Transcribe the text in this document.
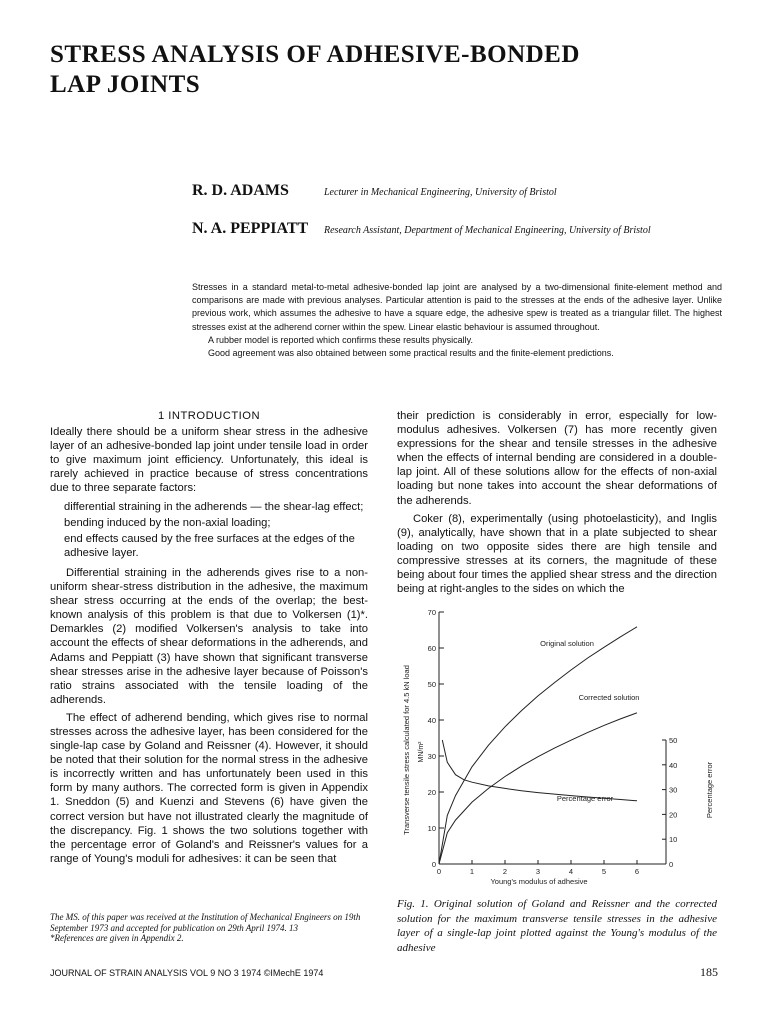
STRESS ANALYSIS OF ADHESIVE-BONDED
LAP JOINTS
R. D. ADAMS	Lecturer in Mechanical Engineering, University of Bristol
N. A. PEPPIATT Research Assistant, Department of Mechanical Engineering, University of Bristol

Stresses in a standard metal-to-metal adhesive-bonded lap joint are analysed by a two-dimensional finite-element method and comparisons are made with previous analyses. Particular attention is paid to the stresses at the ends of the adhesive layer. Unlike previous work, which assumes the adhesive to have a square edge, the adhesive spew is treated as a triangular fillet. The highest stresses exist at the adherend corner within the spew. Linear elastic behaviour is assumed throughout.

A rubber model is reported which confirms these results physically.

Good agreement was also obtained between some practical results and the finite-element predictions.

1 INTRODUCTION

Ideally there should be a uniform shear stress in the adhesive layer of an adhesive-bonded lap joint under tensile load in order to give maximum joint efficiency. Unfortunately, this ideal is rarely achieved in practice because of stress concentrations due to three separate factors:

differential straining in the adherends — the shear-lag effect;
bending induced by the non-axial loading;
end effects caused by the free surfaces at the edges of the adhesive layer.

Differential straining in the adherends gives rise to a non-uniform shear-stress distribution in the adhesive, the maximum shear stress occurring at the ends of the overlap; the best-known analysis of this problem is that due to Volkersen (1)*. Demarkles (2) modified Volkersen's analysis to take into account the effects of shear deformations in the adherends, and Adams and Peppiatt (3) have shown that significant transverse shear stresses arise in the adhesive layer because of Poisson's ratio strains associated with the tensile loading of the adherends.

The effect of adherend bending, which gives rise to normal stresses across the adhesive layer, has been considered for the single-lap case by Goland and Reissner (4). However, it should be noted that their solution for the normal stress in the adhesive is incorrectly written and has unfortunately been used in this form by many authors. The corrected form is given in Appendix 1. Sneddon (5) and Kuenzi and Stevens (6) have given the correct version but have not illustrated clearly the magnitude of the discrepancy. Fig. 1 shows the two solutions together with the percentage error of Goland's and Reissner's values for a range of Young's moduli for adhesives: it can be seen that

their prediction is considerably in error, especially for low-modulus adhesives. Volkersen (7) has more recently given expressions for the shear and tensile stresses in the adhesive when the effects of internal bending are considered in a double-lap joint. All of these solutions allow for the effects of non-axial loading but none takes into account the shear deformations of the adherends.

Coker (8), experimentally (using photoelasticity), and Inglis (9), analytically, have shown that in a plate subjected to shear loading on two opposite sides there are high tensile and compressive stresses at its corners, the magnitude of these being about four times the applied shear stress and the direction being at right-angles to the sides on which the

0
10
20
30
40
50
60
70
0	1	2	3	4	5	6
0
10
20
30
40
50
Transverse tensile stress calculated for 4.5 kN load MN/m²
Percentage error
Young's modulus of adhesive
Original solution
Corrected solution
Percentage error
Fig. 1. Original solution of Goland and Reissner and the corrected solution for the maximum transverse tensile stresses in the adhesive layer of a single-lap joint plotted against the Young's modulus of the adhesive

The MS. of this paper was received at the Institution of Mechanical Engineers on 19th September 1973 and accepted for publication on 29th April 1974. 13

*References are given in Appendix 2.

JOURNAL OF STRAIN ANALYSIS VOL 9 NO 3 1974 ©IMechE 1974	185
